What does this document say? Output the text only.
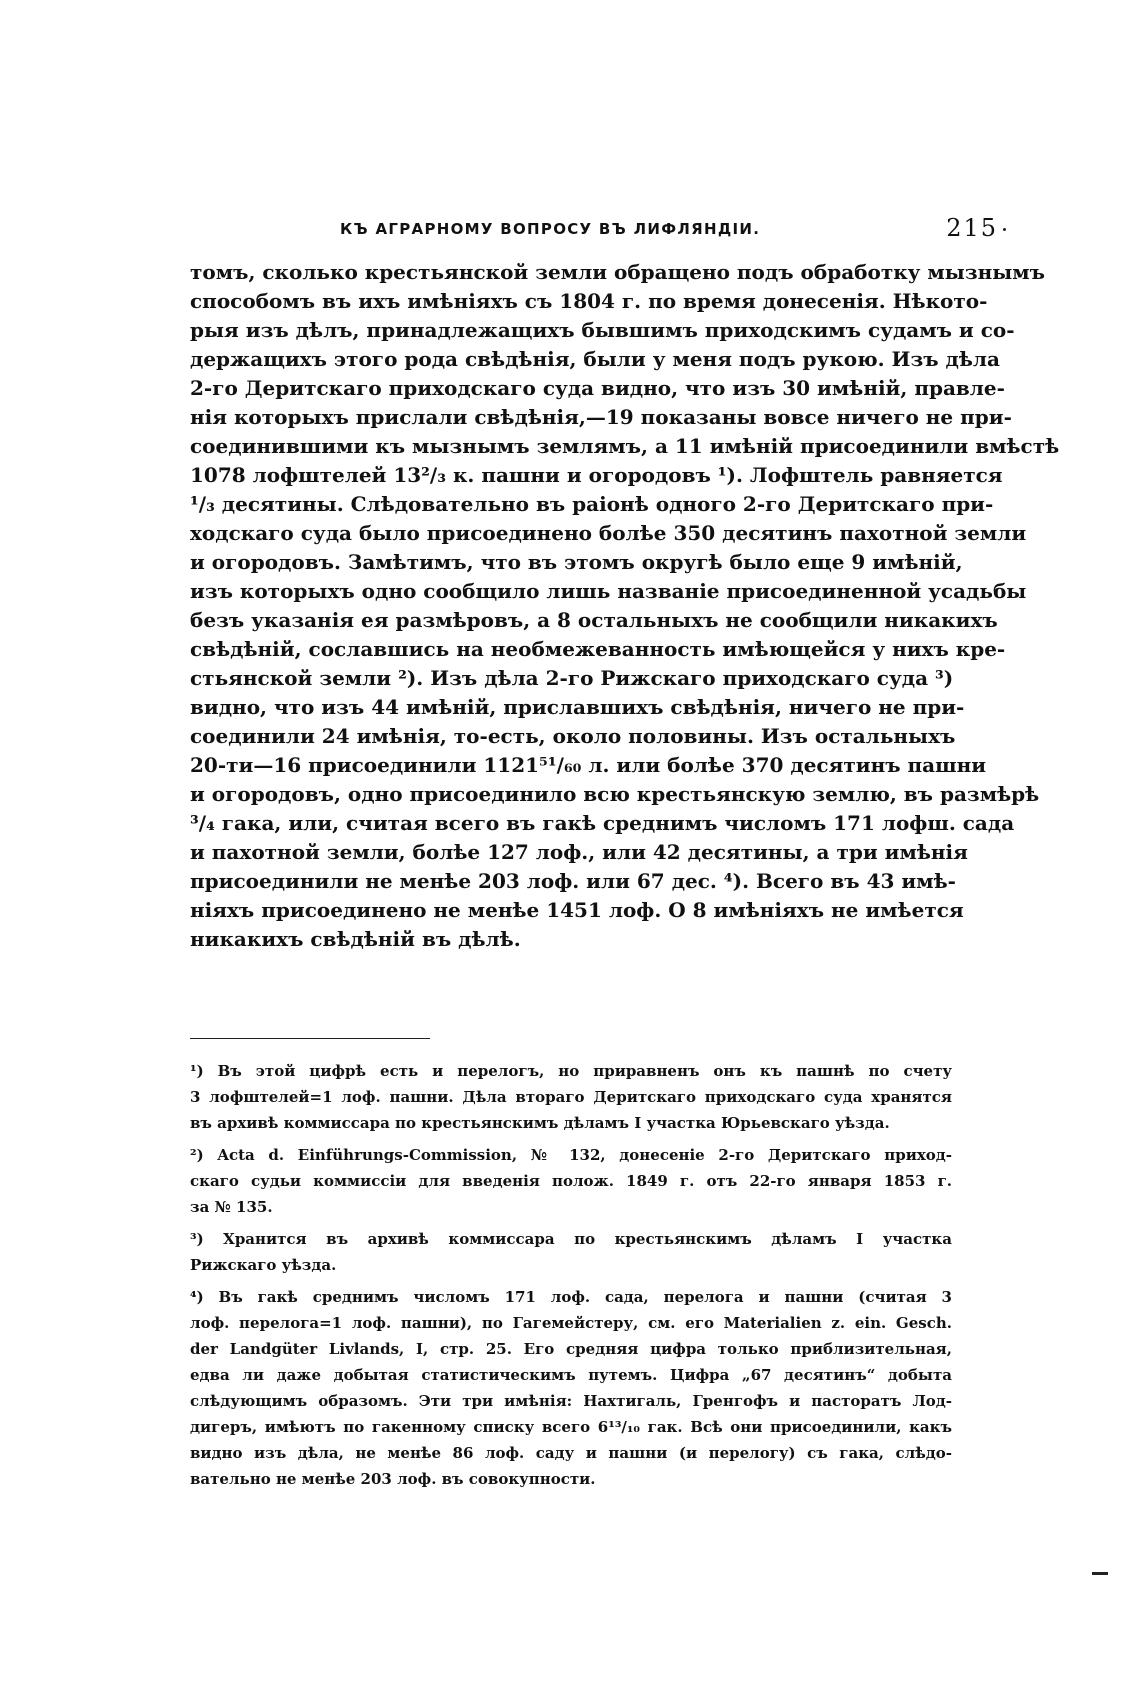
КЪ АГРАРНОМУ ВОПРОСУ ВЪ ЛИФЛЯНДІИ.	215
томъ, сколько крестьянской земли обращено подъ обработку мызнымъ
способомъ въ ихъ имѣніяхъ съ 1804 г. по время донесенія. Нѣкото-
рыя изъ дѣлъ, принадлежащихъ бывшимъ приходскимъ судамъ и со-
держащихъ этого рода свѣдѣнія, были у меня подъ рукою. Изъ дѣла
2-го Деритскаго приходскаго суда видно, что изъ 30 имѣній, правле-
нія которыхъ прислали свѣдѣнія,—19 показаны вовсе ничего не при-
соединившими къ мызнымъ землямъ, а 11 имѣній присоединили вмѣстѣ
1078 лофштелей 13²/₃ к. пашни и огородовъ ¹). Лофштель равняется
¹/₃ десятины. Слѣдовательно въ раіонѣ одного 2-го Деритскаго при-
ходскаго суда было присоединено болѣе 350 десятинъ пахотной земли
и огородовъ. Замѣтимъ, что въ этомъ округѣ было еще 9 имѣній,
изъ которыхъ одно сообщило лишь названіе присоединенной усадьбы
безъ указанія ея размѣровъ, а 8 остальныхъ не сообщили никакихъ
свѣдѣній, сославшись на необмежеванность имѣющейся у нихъ кре-
стьянской земли ²). Изъ дѣла 2-го Рижскаго приходскаго суда ³)
видно, что изъ 44 имѣній, приславшихъ свѣдѣнія, ничего не при-
соединили 24 имѣнія, то-есть, около половины. Изъ остальныхъ
20-ти—16 присоединили 1121⁵¹/₆₀ л. или болѣе 370 десятинъ пашни
и огородовъ, одно присоединило всю крестьянскую землю, въ размѣрѣ
³/₄ гака, или, считая всего въ гакѣ среднимъ числомъ 171 лофш. сада
и пахотной земли, болѣе 127 лоф., или 42 десятины, а три имѣнія
присоединили не менѣе 203 лоф. или 67 дес. ⁴). Всего въ 43 имѣ-
ніяхъ присоединено не менѣе 1451 лоф. О 8 имѣніяхъ не имѣется
никакихъ свѣдѣній въ дѣлѣ.
¹) Въ этой цифрѣ есть и перелогъ, но приравненъ онъ къ пашнѣ по счету
3 лофштелей=1 лоф. пашни. Дѣла втораго Деритскаго приходскаго суда хранятся
въ архивѣ коммиссара по крестьянскимъ дѣламъ I участка Юрьевскаго уѣзда.
²) Acta d. Einführungs-Commission, № 132, донесеніе 2-го Деритскаго приход-
скаго судьи коммиссіи для введенія полож. 1849 г. отъ 22-го января 1853 г.
за № 135.
³) Хранится въ архивѣ коммиссара по крестьянскимъ дѣламъ I участка
Рижскаго уѣзда.
⁴) Въ гакѣ среднимъ числомъ 171 лоф. сада, перелога и пашни (считая 3
лоф. перелога=1 лоф. пашни), по Гагемейстеру, см. его Materialien z. ein. Gesch.
der Landgüter Livlands, I, стр. 25. Его средняя цифра только приблизительная,
едва ли даже добытая статистическимъ путемъ. Цифра „67 десятинъ“ добыта
слѣдующимъ образомъ. Эти три имѣнія: Нахтигаль, Гренгофъ и пасторатъ Лод-
дигеръ, имѣютъ по гакенному списку всего 6¹³/₁₀ гак. Всѣ они присоединили, какъ
видно изъ дѣла, не менѣе 86 лоф. саду и пашни (и перелогу) съ гака, слѣдо-
вательно не менѣе 203 лоф. въ совокупности.
